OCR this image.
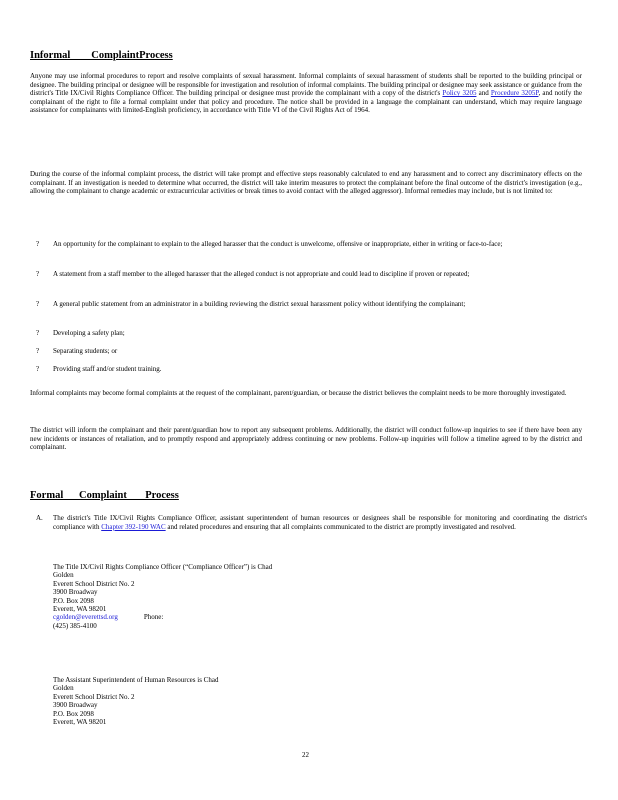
Informal        ComplaintProcess
Anyone may use informal procedures to report and resolve complaints of sexual harassment. Informal complaints of sexual harassment of students shall be reported to the building principal or designee. The building principal or designee will be responsible for investigation and resolution of informal complaints. The building principal or designee may seek assistance or guidance from the district's Title IX/Civil Rights Compliance Officer. The building principal or designee must provide the complainant with a copy of the district's Policy 3205 and Procedure 3205P, and notify the complainant of the right to file a formal complaint under that policy and procedure. The notice shall be provided in a language the complainant can understand, which may require language assistance for complainants with limited-English proficiency, in accordance with Title VI of the Civil Rights Act of 1964.
During the course of the informal complaint process, the district will take prompt and effective steps reasonably calculated to end any harassment and to correct any discriminatory effects on the complainant. If an investigation is needed to determine what occurred, the district will take interim measures to protect the complainant before the final outcome of the district's investigation (e.g., allowing the complainant to change academic or extracurricular activities or break times to avoid contact with the alleged aggressor). Informal remedies may include, but is not limited to:
? An opportunity for the complainant to explain to the alleged harasser that the conduct is unwelcome, offensive or inappropriate, either in writing or face-to-face;
? A statement from a staff member to the alleged harasser that the alleged conduct is not appropriate and could lead to discipline if proven or repeated;
? A general public statement from an administrator in a building reviewing the district sexual harassment policy without identifying the complainant;
? Developing a safety plan;
? Separating students; or
? Providing staff and/or student training.
Informal complaints may become formal complaints at the request of the complainant, parent/guardian, or because the district believes the complaint needs to be more thoroughly investigated.
The district will inform the complainant and their parent/guardian how to report any subsequent problems. Additionally, the district will conduct follow-up inquiries to see if there have been any new incidents or instances of retaliation, and to promptly respond and appropriately address continuing or new problems. Follow-up inquiries will follow a timeline agreed to by the district and complainant.
Formal      Complaint       Process
A. The district's Title IX/Civil Rights Compliance Officer, assistant superintendent of human resources or designees shall be responsible for monitoring and coordinating the district's compliance with Chapter 392-190 WAC and related procedures and ensuring that all complaints communicated to the district are promptly investigated and resolved.
The Title IX/Civil Rights Compliance Officer (“Compliance Officer”) is Chad
Golden
Everett School District No. 2
3900 Broadway
P.O. Box 2098
Everett, WA 98201
cgolden@everettsd.org	Phone:
(425) 385-4100
The Assistant Superintendent of Human Resources is Chad
Golden
Everett School District No. 2
3900 Broadway
P.O. Box 2098
Everett, WA 98201
22
